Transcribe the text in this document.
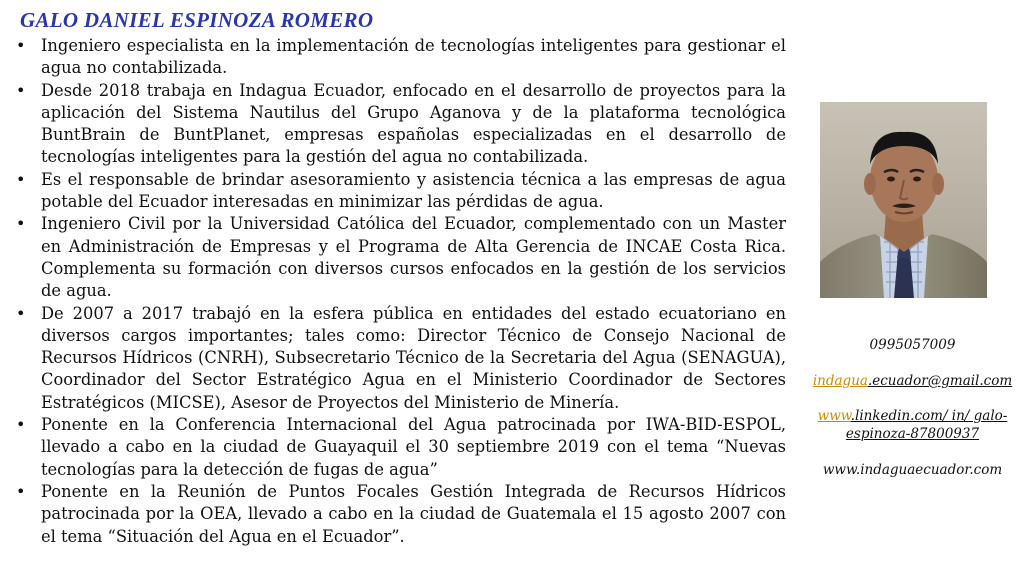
GALO DANIEL ESPINOZA ROMERO
• Ingeniero especialista en la implementación de tecnologías inteligentes para gestionar el agua no contabilizada.
• Desde 2018 trabaja en Indagua Ecuador, enfocado en el desarrollo de proyectos para la aplicación del Sistema Nautilus del Grupo Aganova y de la plataforma tecnológica BuntBrain de BuntPlanet, empresas españolas especializadas en el desarrollo de tecnologías inteligentes para la gestión del agua no contabilizada.
• Es el responsable de brindar asesoramiento y asistencia técnica a las empresas de agua potable del Ecuador interesadas en minimizar las pérdidas de agua.
• Ingeniero Civil por la Universidad Católica del Ecuador, complementado con un Master en Administración de Empresas y el Programa de Alta Gerencia de INCAE Costa Rica. Complementa su formación con diversos cursos enfocados en la gestión de los servicios de agua.
• De 2007 a 2017 trabajó en la esfera pública en entidades del estado ecuatoriano en diversos cargos importantes; tales como: Director Técnico de Consejo Nacional de Recursos Hídricos (CNRH), Subsecretario Técnico de la Secretaria del Agua (SENAGUA), Coordinador del Sector Estratégico Agua en el Ministerio Coordinador de Sectores Estratégicos (MICSE), Asesor de Proyectos del Ministerio de Minería.
• Ponente en la Conferencia Internacional del Agua patrocinada por IWA-BID-ESPOL, llevado a cabo en la ciudad de Guayaquil el 30 septiembre 2019 con el tema “Nuevas tecnologías para la detección de fugas de agua”
• Ponente en la Reunión de Puntos Focales Gestión Integrada de Recursos Hídricos patrocinada por la OEA, llevado a cabo en la ciudad de Guatemala el 15 agosto 2007 con el tema “Situación del Agua en el Ecuador”.
0995057009
indagua.ecuador@gmail.com
www.linkedin.com/ in/ galo-espinoza-87800937
www.indaguaecuador.com
